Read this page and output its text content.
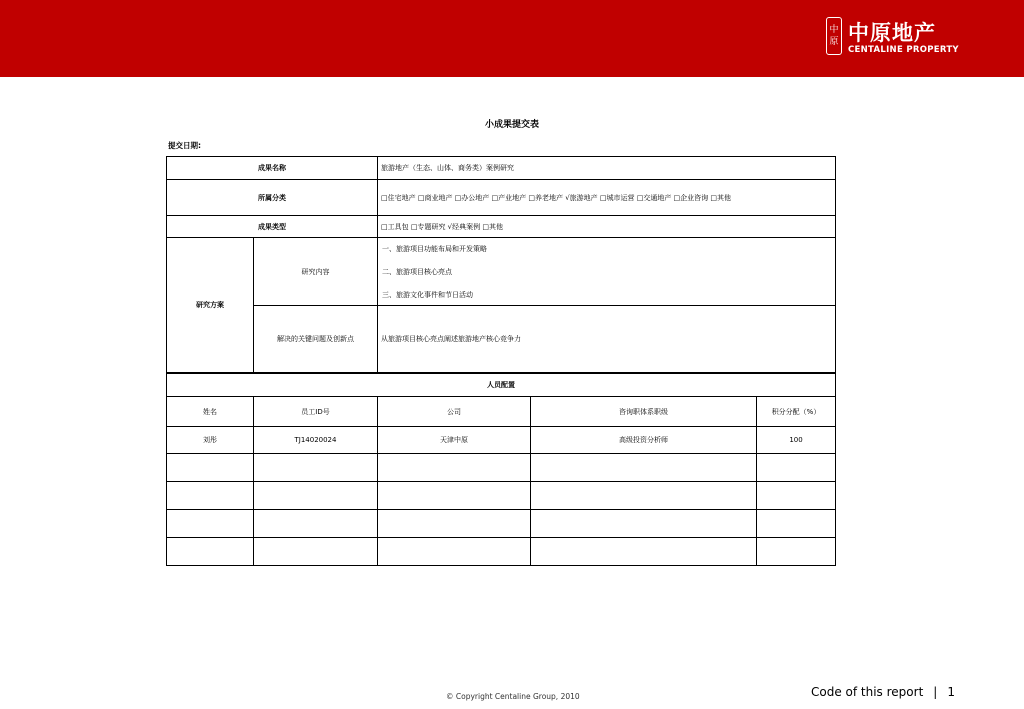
中
原 中原地产
CENTALINE PROPERTY
小成果提交表
提交日期:
成果名称		旅游地产（生态、山体、商务类）案例研究		
所属分类		□住宅地产 □商业地产 □办公地产 □产业地产 □养老地产 √旅游地产 □城市运营 □交通地产 □企业咨询 □其他		
成果类型		□工具包 □专题研究 √经典案例 □其他		
研究方案	研究内容	一、旅游项目功能布局和开发策略
二、旅游项目核心亮点
三、旅游文化事件和节日活动		

	解决的关键问题及创新点	从旅游项目核心亮点阐述旅游地产核心竞争力		
人员配置				
姓名	员工ID号	公司	咨询职体系职级	积分分配（%）
刘彤	TJ14020024	天津中原	高级投资分析师	100

© Copyright Centaline Group, 2010	Code of this report | 1
